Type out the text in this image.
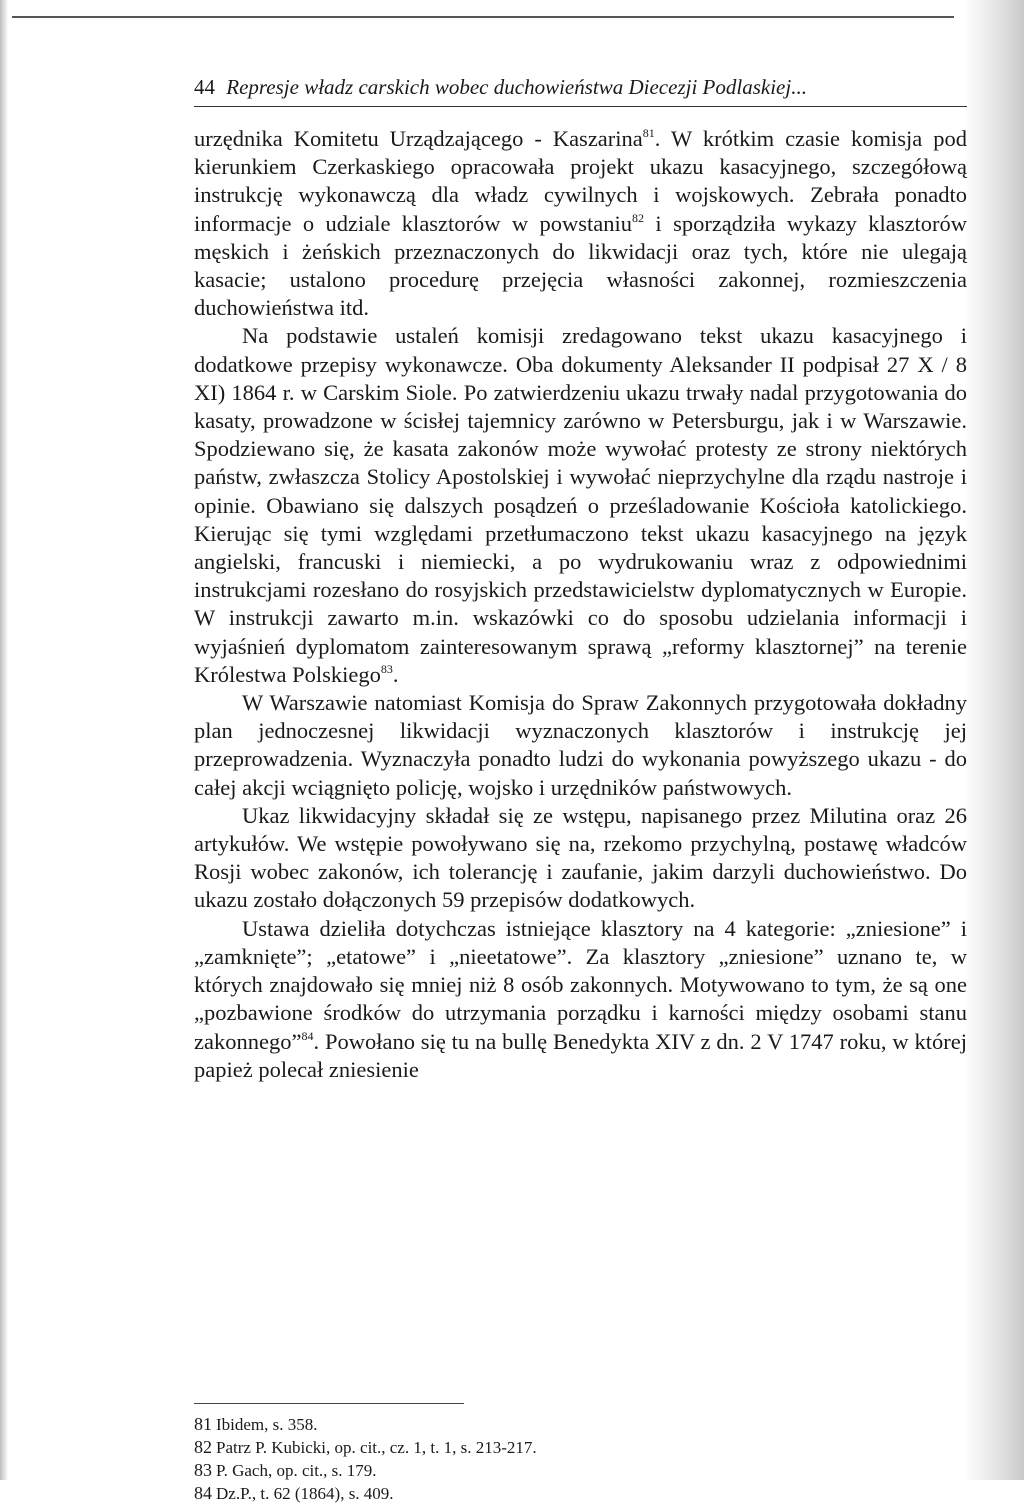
44 Represje władz carskich wobec duchowieństwa Diecezji Podlaskiej...

urzędnika Komitetu Urządzającego - Kaszarina$^{81}$. W krótkim czasie komisja pod kierunkiem Czerkaskiego opracowała projekt ukazu kasacyjnego, szczegółową instrukcję wykonawczą dla władz cywilnych i wojskowych. Zebrała ponadto informacje o udziale klasztorów w powstaniu$^{82}$ i sporządziła wykazy klasztorów męskich i żeńskich przeznaczonych do likwidacji oraz tych, które nie ulegają kasacie; ustalono procedurę przejęcia własności zakonnej, rozmieszczenia duchowieństwa itd.

Na podstawie ustaleń komisji zredagowano tekst ukazu kasacyjnego i dodatkowe przepisy wykonawcze. Oba dokumenty Aleksander II podpisał 27 X / 8 XI) 1864 r. w Carskim Siole. Po zatwierdzeniu ukazu trwały nadal przygotowania do kasaty, prowadzone w ścisłej tajemnicy zarówno w Petersburgu, jak i w Warszawie. Spodziewano się, że kasata zakonów może wywołać protesty ze strony niektórych państw, zwłaszcza Stolicy Apostolskiej i wywołać nieprzychylne dla rządu nastroje i opinie. Obawiano się dalszych posądzeń o prześladowanie Kościoła katolickiego. Kierując się tymi względami przetłumaczono tekst ukazu kasacyjnego na język angielski, francuski i niemiecki, a po wydrukowaniu wraz z odpowiednimi instrukcjami rozesłano do rosyjskich przedstawicielstw dyplomatycznych w Europie. W instrukcji zawarto m.in. wskazówki co do sposobu udzielania informacji i wyjaśnień dyplomatom zainteresowanym sprawą „reformy klasztornej” na terenie Królestwa Polskiego$^{83}$.

W Warszawie natomiast Komisja do Spraw Zakonnych przygotowała dokładny plan jednoczesnej likwidacji wyznaczonych klasztorów i instrukcję jej przeprowadzenia. Wyznaczyła ponadto ludzi do wykonania powyższego ukazu - do całej akcji wciągnięto policję, wojsko i urzędników państwowych.

Ukaz likwidacyjny składał się ze wstępu, napisanego przez Milutina oraz 26 artykułów. We wstępie powoływano się na, rzekomo przychylną, postawę władców Rosji wobec zakonów, ich tolerancję i zaufanie, jakim darzyli duchowieństwo. Do ukazu zostało dołączonych 59 przepisów dodatkowych.

Ustawa dzieliła dotychczas istniejące klasztory na 4 kategorie: „zniesione” i „zamknięte”; „etatowe” i „nieetatowe”. Za klasztory „zniesione” uznano te, w których znajdowało się mniej niż 8 osób zakonnych. Motywowano to tym, że są one „pozbawione środków do utrzymania porządku i karności między osobami stanu zakonnego”$^{84}$. Powołano się tu na bullę Benedykta XIV z dn. 2 V 1747 roku, w której papież polecał zniesienie

81 Ibidem, s. 358.
82 Patrz P. Kubicki, op. cit., cz. 1, t. 1, s. 213-217.
83 P. Gach, op. cit., s. 179.
84 Dz.P., t. 62 (1864), s. 409.
